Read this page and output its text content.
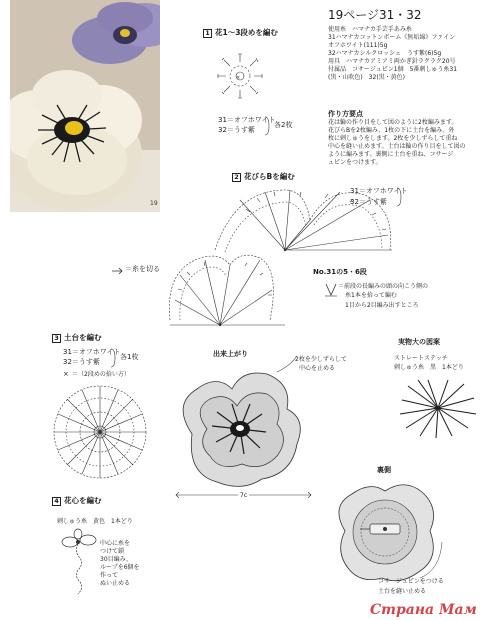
19
1 花1〜3段めを編む
×
31＝オフホワイト
32＝うす紫
各2枚
19ページ31・32
使用糸　ハマナカ手芸手あみ糸
31ハマナカコットンボーム《無垢綿》ファイン
オフホワイト(111)5g
32ハマナカシルクロッシェ　うす紫(6)5g
用具　ハマナカアミアミ両かぎ針ラクラク20号
付属品　コサージュピン1個　5番刺しゅう糸31
(黒・山吹色)　32(黒・黄色)
作り方要点
花は輪の作り目をして図のように2枚編みます。
花びらBを2枚編み、1枚の下に土台を編み、外
枚に刺しゅうをします。2枚を少しずらして重ね
中心を縫い止めます。土台は輪の作り目をして図の
ように編みます。裏側に土台を重ね、コサージ
ュピンをつけます。
2 花びらBを編む
31＝オフホワイト
32＝うす紫
＝糸を切る	No.31の5・6段
＝前段の長編みの頭の向こう側の
糸1本を拾って編む
1目から2目編み出すところ
3 土台を編む
31＝オフホワイト
32＝うす紫
各1枚
× ＝（2段めの拾い方）
4 花心を編む
刺しゅう糸　黄色　1本どり
中心に糸を
つけて鎖
30目編み、
ループを6個を
作って
ぬい止める
出来上がり
2枚を少しずらして
中心を止める
7c
実物大の図案
ストレートステッチ
刺しゅう糸　黒　1本どり
裏側
コサージュピンをつける
土台を縫い止める
Страна Мам
